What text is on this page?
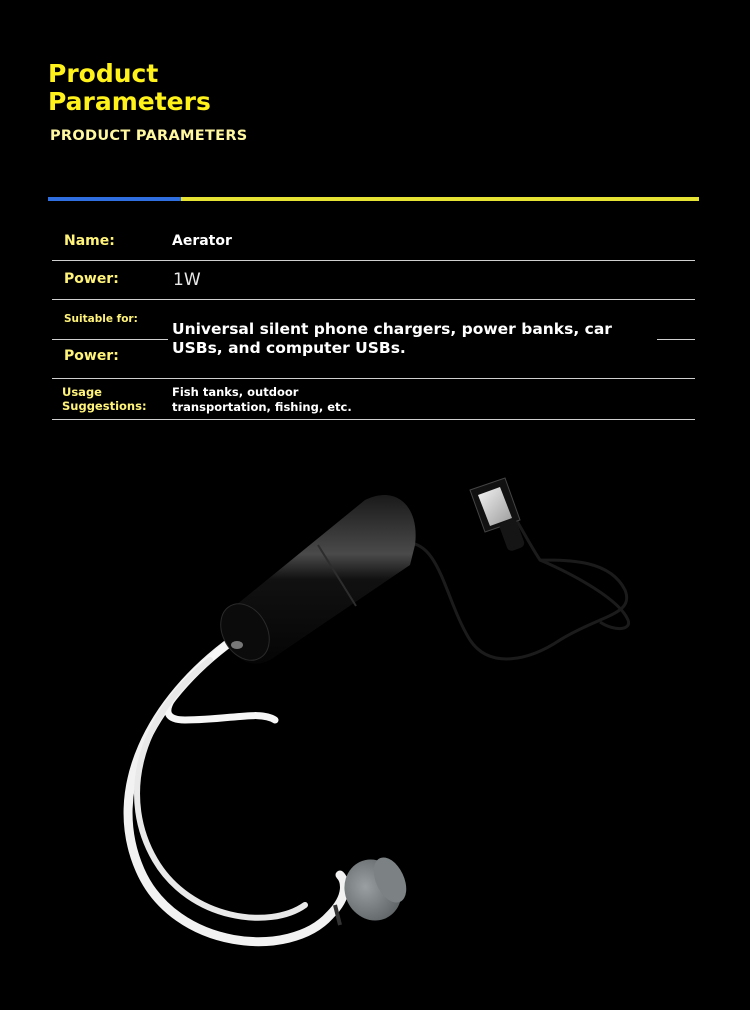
Product Parameters
PRODUCT PARAMETERS
Name:	Aerator
Power:	1W
Suitable for:
Universal silent phone chargers, power banks, car USBs, and computer USBs.
Power:
Usage Suggestions:
Fish tanks, outdoor transportation, fishing, etc.
